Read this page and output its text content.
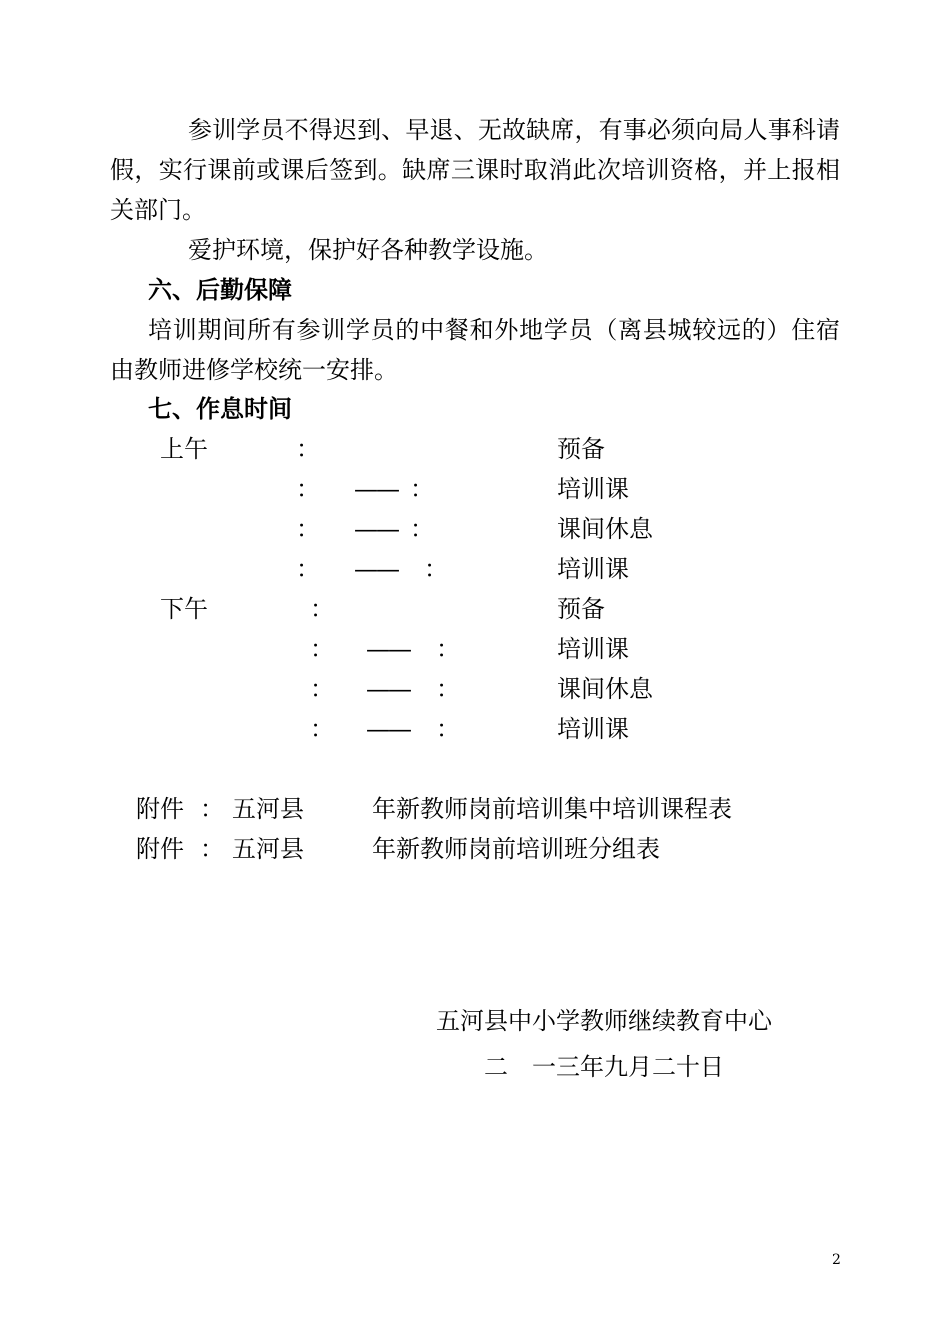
参训学员不得迟到、早退、无故缺席，有事必须向局人事科请假，实行课前或课后签到。缺席三课时取消此次培训资格，并上报相关部门。
爱护环境，保护好各种教学设施。
六、后勤保障
培训期间所有参训学员的中餐和外地学员（离县城较远的）住宿由教师进修学校统一安排。
七、作息时间
上午	：	预备
： —— ：	培训课
： —— ：	课间休息
： —— ：	培训课
下午	：	预备
： —— ：	培训课
： —— ：	课间休息
： —— ：	培训课
附件 ： 五河县	年新教师岗前培训集中培训课程表
附件 ： 五河县	年新教师岗前培训班分组表
五河县中小学教师继续教育中心
二　一三年九月二十日
2
